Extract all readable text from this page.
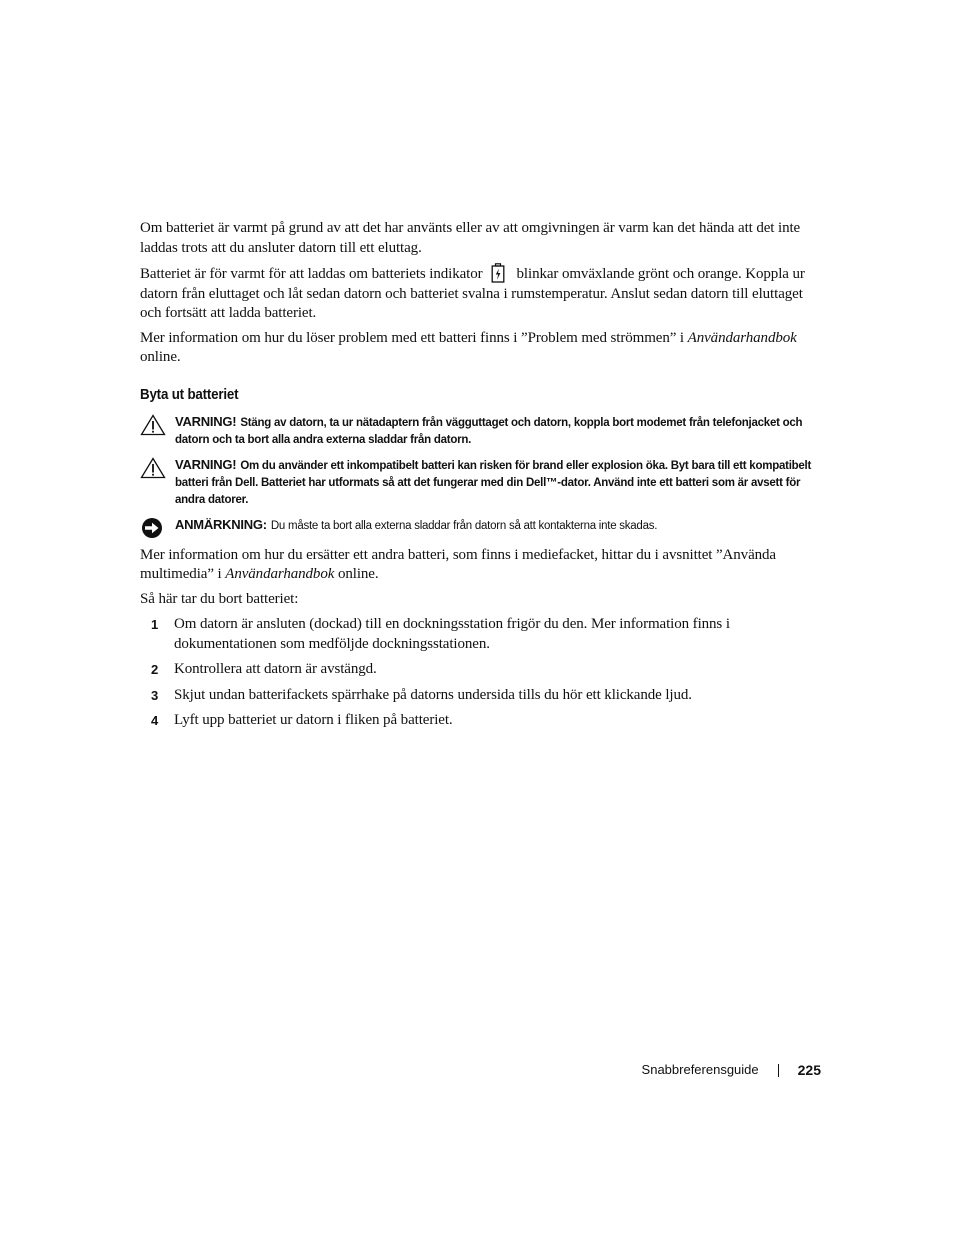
Om batteriet är varmt på grund av att det har använts eller av att omgivningen är varm kan det hända att det inte laddas trots att du ansluter datorn till ett eluttag.

Batteriet är för varmt för att laddas om batteriets indikator blinkar omväxlande grönt och orange. Koppla ur datorn från eluttaget och låt sedan datorn och batteriet svalna i rumstemperatur. Anslut sedan datorn till eluttaget och fortsätt att ladda batteriet.

Mer information om hur du löser problem med ett batteri finns i ”Problem med strömmen” i Användarhandbok online.

Byta ut batteriet
VARNING! Stäng av datorn, ta ur nätadaptern från vägguttaget och datorn, koppla bort modemet från telefonjacket och datorn och ta bort alla andra externa sladdar från datorn.
VARNING! Om du använder ett inkompatibelt batteri kan risken för brand eller explosion öka. Byt bara till ett kompatibelt batteri från Dell. Batteriet har utformats så att det fungerar med din Dell™-dator. Använd inte ett batteri som är avsett för andra datorer.
ANMÄRKNING: Du måste ta bort alla externa sladdar från datorn så att kontakterna inte skadas.

Mer information om hur du ersätter ett andra batteri, som finns i mediefacket, hittar du i avsnittet ”Använda multimedia” i Användarhandbok online.

Så här tar du bort batteriet:

1	Om datorn är ansluten (dockad) till en dockningsstation frigör du den. Mer information finns i dokumentationen som medföljde dockningsstationen.
2	Kontrollera att datorn är avstängd.
3	Skjut undan batterifackets spärrhake på datorns undersida tills du hör ett klickande ljud.
4	Lyft upp batteriet ur datorn i fliken på batteriet.
Snabbreferensguide	225
